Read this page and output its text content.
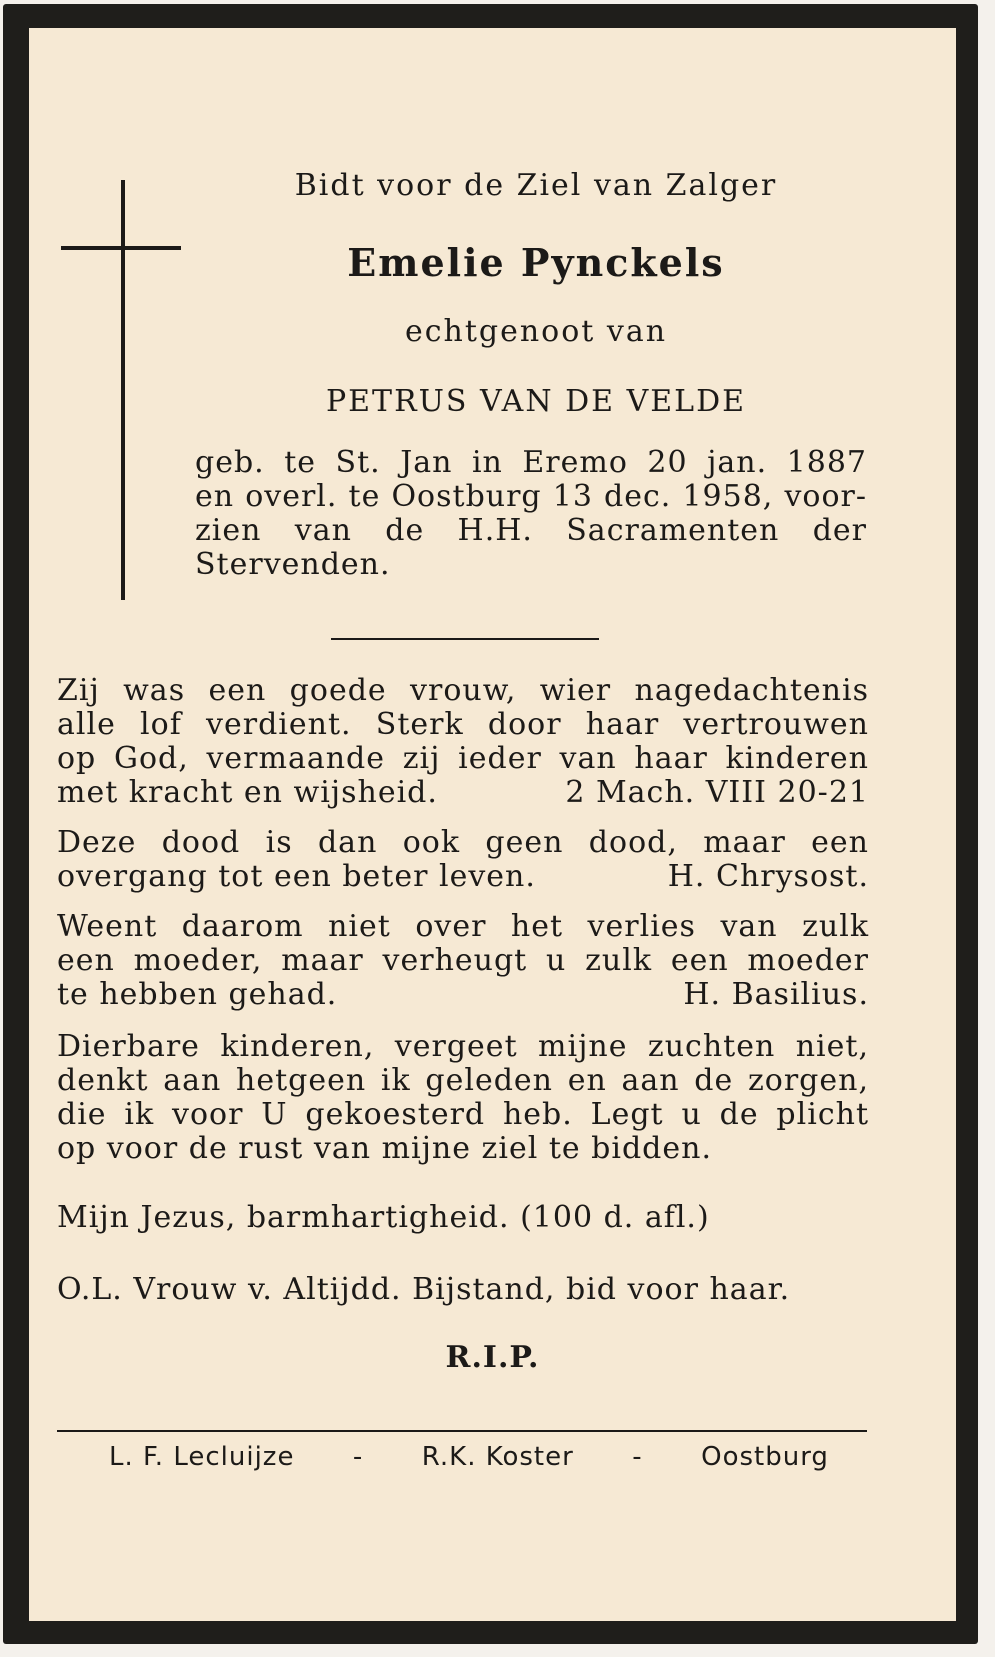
Bidt voor de Ziel van Zalger
Emelie Pynckels
echtgenoot van
PETRUS VAN DE VELDE
geb. te St. Jan in Eremo 20 jan. 1887
en overl. te Oostburg 13 dec. 1958, voor-
zien van de H.H. Sacramenten der
Stervenden.
Zij was een goede vrouw, wier nagedachtenis
alle lof verdient. Sterk door haar vertrouwen
op God, vermaande zij ieder van haar kinderen
met kracht en wijsheid.	2 Mach. VIII 20-21
Deze dood is dan ook geen dood, maar een
overgang tot een beter leven.	H. Chrysost.
Weent daarom niet over het verlies van zulk
een moeder, maar verheugt u zulk een moeder
te hebben gehad.	H. Basilius.
Dierbare kinderen, vergeet mijne zuchten niet,
denkt aan hetgeen ik geleden en aan de zorgen,
die ik voor U gekoesterd heb. Legt u de plicht
op voor de rust van mijne ziel te bidden.
Mijn Jezus, barmhartigheid. (100 d. afl.)
O.L. Vrouw v. Altijdd. Bijstand, bid voor haar.
R.I.P.
L. F. Lecluijze - R.K. Koster - Oostburg
